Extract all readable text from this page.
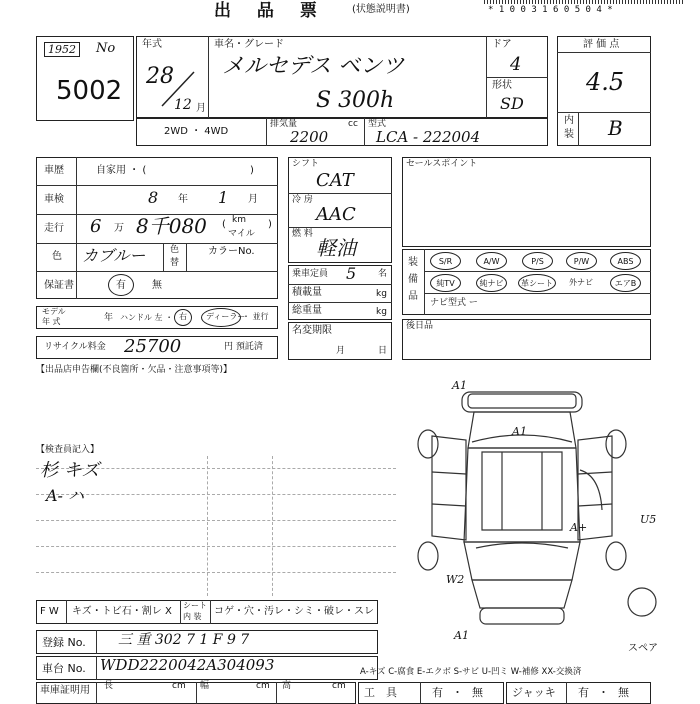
出 品 票	(状態説明書)	* 1 0 0 3 1 6 0 5 0 4 *
1952	No
5002
年式
28
12 月
車名・グレード
メルセデス ベンツ
S 300h
ドア
4
形状
SD
評 価 点
4.5
内
装 B
2WD ・ 4WD
排気量	cc
2200
型式
LCA - 222004
車歴	自家用 ・ (	)
車検	8 年 1 月
走行 6 万 8千080	km
マイル
(	)
色 カブルー	色
替
カラーNo.
保証書	有	無
モデル
年 式	年 ハンドル 左 ・ 右 ディーラー
・ 並行
リサイクル料金 25700	円 預託済
シフト
CAT
冷 房
AAC
燃 料
軽油
乗車定員 5 名
積載量	kg
総重量	kg
名変期限
月	日
セールスポイント
装
備
品
S/R	A/W	P/S	P/W	ABS
純TV	純ナビ	革シート	外ナビ	エアB
ナビ型式 ー
後日品
【出品店申告欄(不良箇所・欠品・注意事項等)】
【検査員記入】
杉 キズ
A- ハ
A1
A1
A+
W2
A1
U5
スペア
F W キズ・トビ石・割レ X
シート
内 装 コゲ・穴・汚レ・シミ・破レ・スレ
登録 No. 三 重 302 7 1 F 9 7
車台 No. WDD2220042A304093	A-キズ C-腐食 E-エクボ S-サビ U-凹ミ W-補修 XX-交換済
車庫証明用 長	cm 幅	cm 高	cm 工　具	有 ・ 無	ジャッキ 有 ・ 無
